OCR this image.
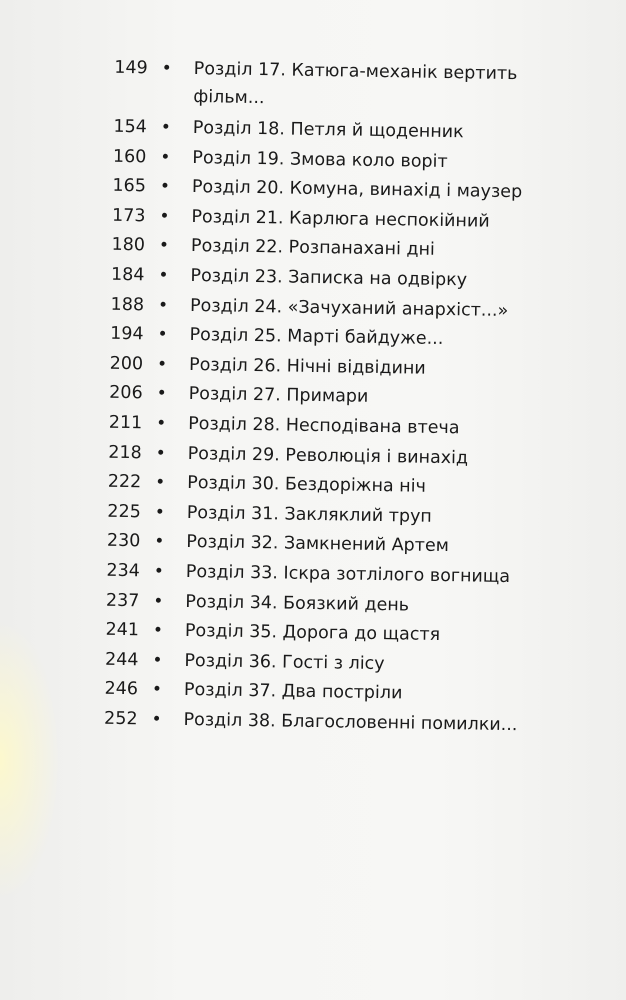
149 • Розділ 17. Катюга-механік вертить фільм...
154 • Розділ 18. Петля й щоденник
160 • Розділ 19. Змова коло воріт
165 • Розділ 20. Комуна, винахід і маузер
173 • Розділ 21. Карлюга неспокійний
180 • Розділ 22. Розпанахані дні
184 • Розділ 23. Записка на одвірку
188 • Розділ 24. «Зачуханий анархіст...»
194 • Розділ 25. Марті байдуже...
200 • Розділ 26. Нічні відвідини
206 • Розділ 27. Примари
211 • Розділ 28. Несподівана втеча
218 • Розділ 29. Революція і винахід
222 • Розділ 30. Бездоріжна ніч
225 • Розділ 31. Закляклий труп
230 • Розділ 32. Замкнений Артем
234 • Розділ 33. Іскра зотлілого вогнища
237 • Розділ 34. Боязкий день
241 • Розділ 35. Дорога до щастя
244 • Розділ 36. Гості з лісу
246 • Розділ 37. Два постріли
252 • Розділ 38. Благословенні помилки...
